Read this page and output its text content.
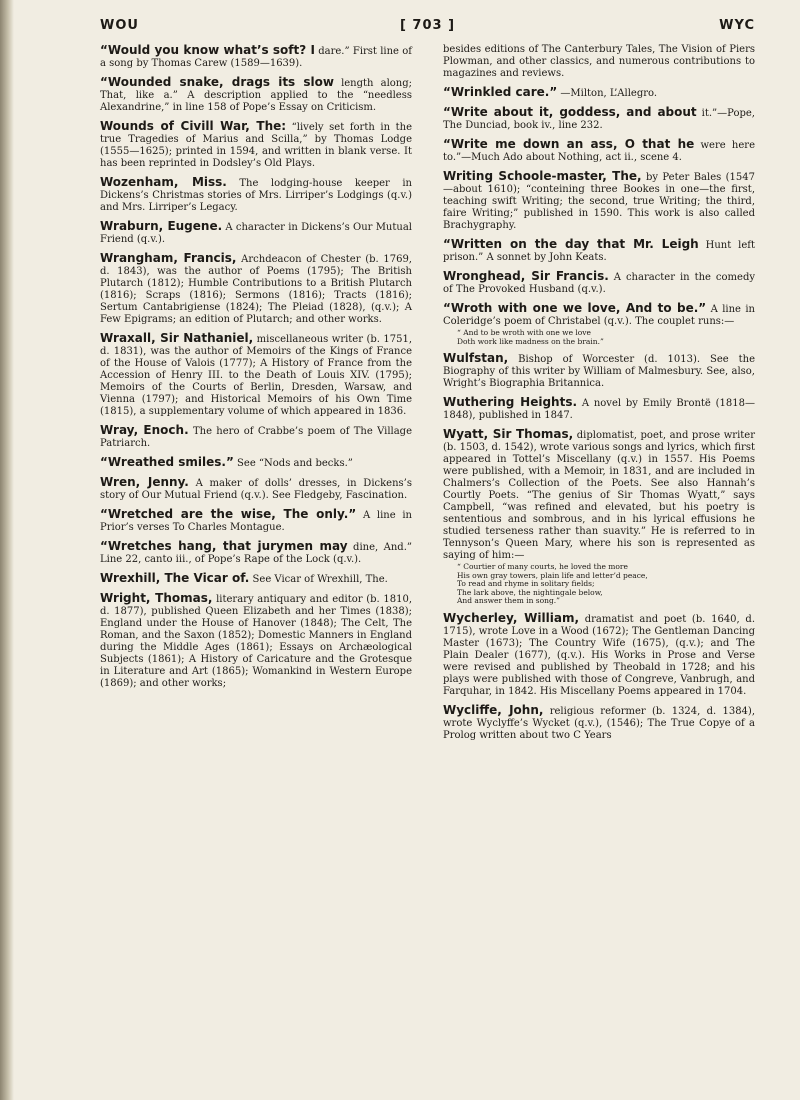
WOU	[ 703 ]	WYC
“Would you know what’s soft? I dare.” First line of a song by Thomas Carew (1589—1639).
“Wounded snake, drags its slow length along; That, like a.” A description applied to the “needless Alexandrine,” in line 158 of Pope’s Essay on Criticism.
Wounds of Civill War, The: “lively set forth in the true Tragedies of Marius and Scilla,” by Thomas Lodge (1555—1625); printed in 1594, and written in blank verse. It has been reprinted in Dodsley’s Old Plays.
Wozenham, Miss. The lodging-house keeper in Dickens’s Christmas stories of Mrs. Lirriper’s Lodgings (q.v.) and Mrs. Lirriper’s Legacy.
Wraburn, Eugene. A character in Dickens’s Our Mutual Friend (q.v.).
Wrangham, Francis, Archdeacon of Chester (b. 1769, d. 1843), was the author of Poems (1795); The British Plutarch (1812); Humble Contributions to a British Plutarch (1816); Scraps (1816); Sermons (1816); Tracts (1816); Sertum Cantabrigiense (1824); The Pleiad (1828), (q.v.); A Few Epigrams; an edition of Plutarch; and other works.
Wraxall, Sir Nathaniel, miscellaneous writer (b. 1751, d. 1831), was the author of Memoirs of the Kings of France of the House of Valois (1777); A History of France from the Accession of Henry III. to the Death of Louis XIV. (1795); Memoirs of the Courts of Berlin, Dresden, Warsaw, and Vienna (1797); and Historical Memoirs of his Own Time (1815), a supplementary volume of which appeared in 1836.
Wray, Enoch. The hero of Crabbe’s poem of The Village Patriarch.
“Wreathed smiles.” See “Nods and becks.”
Wren, Jenny. A maker of dolls’ dresses, in Dickens’s story of Our Mutual Friend (q.v.). See Fledgeby, Fascination.
“Wretched are the wise, The only.” A line in Prior’s verses To Charles Montague.
“Wretches hang, that jurymen may dine, And.” Line 22, canto iii., of Pope’s Rape of the Lock (q.v.).
Wrexhill, The Vicar of. See Vicar of Wrexhill, The.
Wright, Thomas, literary antiquary and editor (b. 1810, d. 1877), published Queen Elizabeth and her Times (1838); England under the House of Hanover (1848); The Celt, The Roman, and the Saxon (1852); Domestic Manners in England during the Middle Ages (1861); Essays on Archæological Subjects (1861); A History of Caricature and the Grotesque in Literature and Art (1865); Womankind in Western Europe (1869); and other works;
besides editions of The Canterbury Tales, The Vision of Piers Plowman, and other classics, and numerous contributions to magazines and reviews.
“Wrinkled care.” —Milton, L’Allegro.
“Write about it, goddess, and about it.”—Pope, The Dunciad, book iv., line 232.
“Write me down an ass, O that he were here to.”—Much Ado about Nothing, act ii., scene 4.
Writing Schoole-master, The, by Peter Bales (1547—about 1610); “conteining three Bookes in one—the first, teaching swift Writing; the second, true Writing; the third, faire Writing;” published in 1590. This work is also called Brachygraphy.
“Written on the day that Mr. Leigh Hunt left prison.” A sonnet by John Keats.
Wronghead, Sir Francis. A character in the comedy of The Provoked Husband (q.v.).
“Wroth with one we love, And to be.” A line in Coleridge’s poem of Christabel (q.v.). The couplet runs:—
“ And to be wroth with one we love
Doth work like madness on the brain.”
Wulfstan, Bishop of Worcester (d. 1013). See the Biography of this writer by William of Malmesbury. See, also, Wright’s Biographia Britannica.
Wuthering Heights. A novel by Emily Brontë (1818—1848), published in 1847.
Wyatt, Sir Thomas, diplomatist, poet, and prose writer (b. 1503, d. 1542), wrote various songs and lyrics, which first appeared in Tottel’s Miscellany (q.v.) in 1557. His Poems were published, with a Memoir, in 1831, and are included in Chalmers’s Collection of the Poets. See also Hannah’s Courtly Poets. “The genius of Sir Thomas Wyatt,” says Campbell, “was refined and elevated, but his poetry is sententious and sombrous, and in his lyrical effusions he studied terseness rather than suavity.” He is referred to in Tennyson’s Queen Mary, where his son is represented as saying of him:—
“ Courtier of many courts, he loved the more
His own gray towers, plain life and letter’d peace,
To read and rhyme in solitary fields;
The lark above, the nightingale below,
And answer them in song.”
Wycherley, William, dramatist and poet (b. 1640, d. 1715), wrote Love in a Wood (1672); The Gentleman Dancing Master (1673); The Country Wife (1675), (q.v.); and The Plain Dealer (1677), (q.v.). His Works in Prose and Verse were revised and published by Theobald in 1728; and his plays were published with those of Congreve, Vanbrugh, and Farquhar, in 1842. His Miscellany Poems appeared in 1704.
Wycliffe, John, religious reformer (b. 1324, d. 1384), wrote Wyclyffe’s Wycket (q.v.), (1546); The True Copye of a Prolog written about two C Years
